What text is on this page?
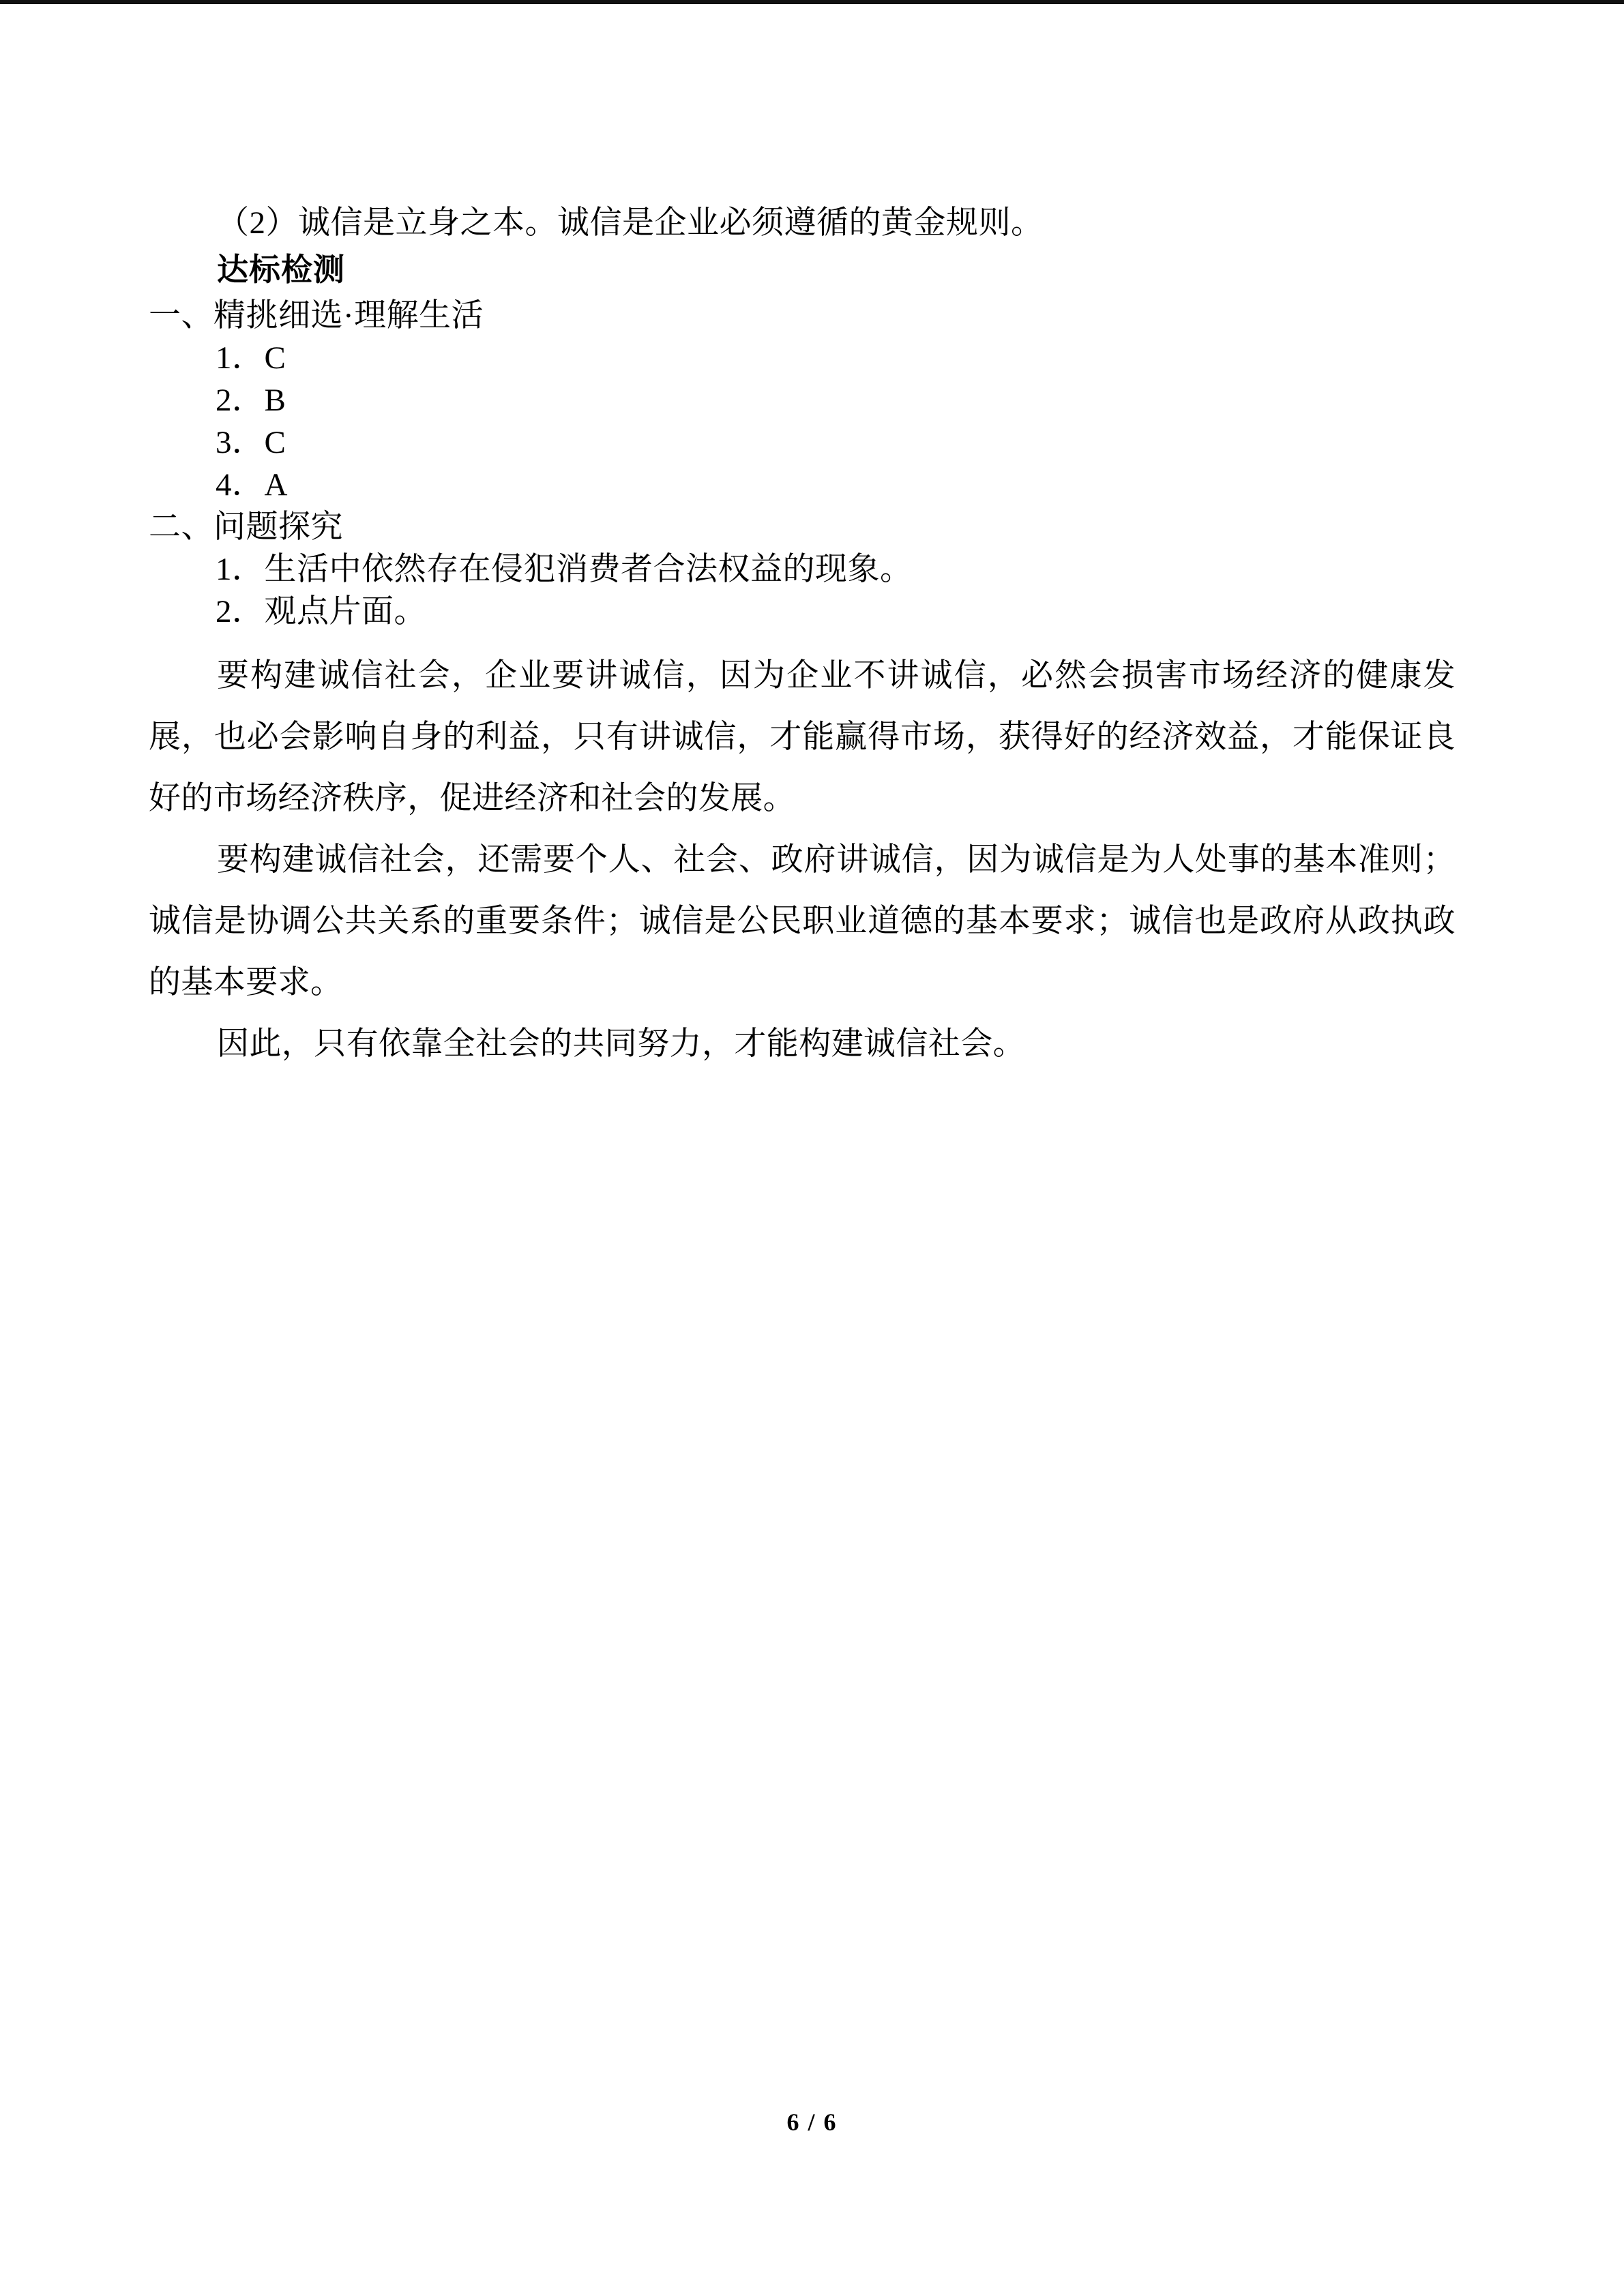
（2）诚信是立身之本。诚信是企业必须遵循的黄金规则。

达标检测

一、精挑细选·理解生活

1．C

2．B

3．C

4．A

二、问题探究

1．生活中依然存在侵犯消费者合法权益的现象。

2．观点片面。

要构建诚信社会，企业要讲诚信，因为企业不讲诚信，必然会损害市场经济的健康发展，也必会影响自身的利益，只有讲诚信，才能赢得市场，获得好的经济效益，才能保证良好的市场经济秩序，促进经济和社会的发展。

要构建诚信社会，还需要个人、社会、政府讲诚信，因为诚信是为人处事的基本准则；诚信是协调公共关系的重要条件；诚信是公民职业道德的基本要求；诚信也是政府从政执政的基本要求。

因此，只有依靠全社会的共同努力，才能构建诚信社会。

6 / 6
